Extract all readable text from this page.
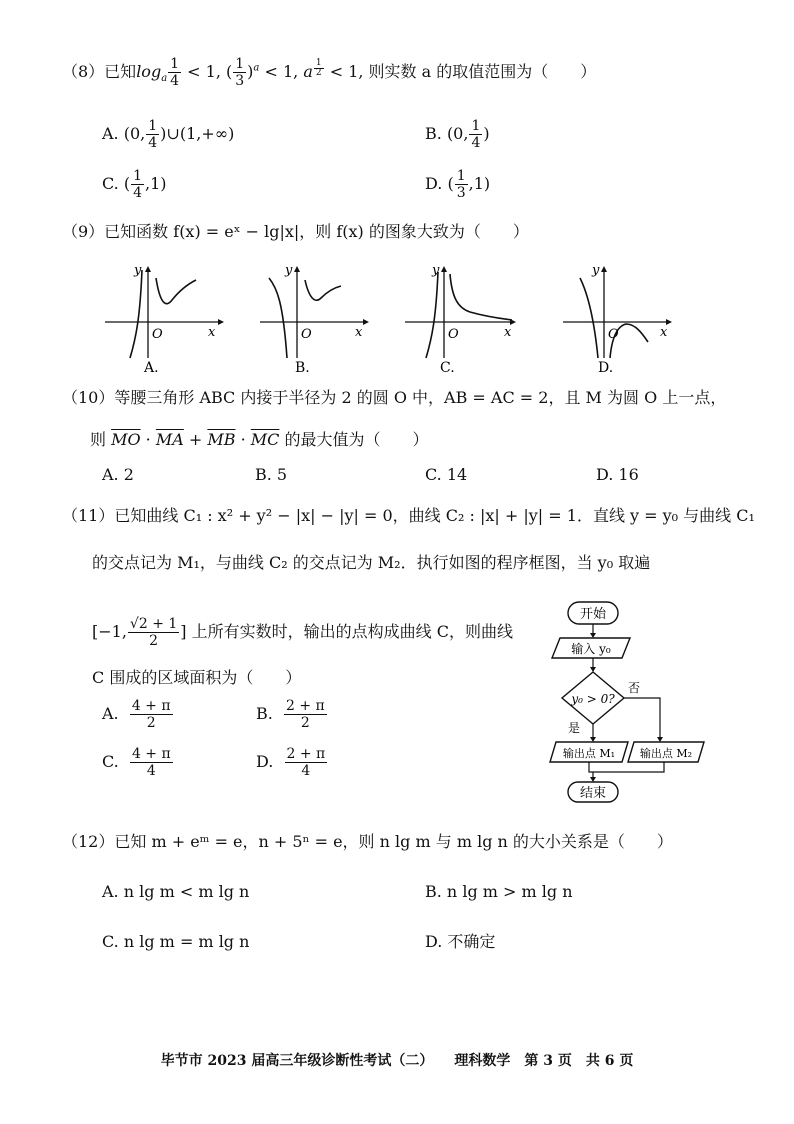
（8）已知$\log_a \frac{1}{4} < 1$, ( $\frac{1}{3} )^a < 1$, a $^{\frac{1}{2}}$ < 1, 则实数 a 的取值范围为（　　）
A. (0, $\frac{1}{4}$ )∪(1,+∞)	B. (0, $\frac{1}{4}$ )
C. ( $\frac{1}{4} ,1$)	D. ( $\frac{1}{3} ,1$)
（9）已知函数 f(x) = eˣ − lg|x|，则 f(x) 的图象大致为（　　）
y
x
O
A.
y
x
O
B.
y
x
O
C.
y
x
O
D.
（10）等腰三角形 ABC 内接于半径为 2 的圆 O 中，AB = AC = 2，且 M 为圆 O 上一点，
则 $\overline{MO} \cdot \overline{MA} + \overline{MB} \cdot \overline{MC}$ 的最大值为（　　）
A. 2	B. 5	C. 14	D. 16
（11）已知曲线 C₁ : x² + y² − |x| − |y| = 0，曲线 C₂ : |x| + |y| = 1．直线 y = y₀ 与曲线 C₁
的交点记为 M₁，与曲线 C₂ 的交点记为 M₂．执行如图的程序框图，当 y₀ 取遍
[−1, $\frac{√2 + 1}{2}$ ] 上所有实数时，输出的点构成曲线 C，则曲线
C 围成的区域面积为（　　）
A. $\frac{4 + \pi}{2}$	B. $\frac{2 + \pi}{2}$
C. $\frac{4 + \pi}{4}$	D. $\frac{2 + \pi}{4}$
开始
输入 y₀
y₀ > 0?
否
是
输出点 M₁ 输出点 M₂
结束
（12）已知 m + eᵐ = e，n + 5ⁿ = e，则 n lg m 与 m lg n 的大小关系是（　　）
A. n lg m < m lg n	B. n lg m > m lg n
C. n lg m = m lg n	D. 不确定
毕节市 2023 届高三年级诊断性考试（二）　　理科数学　第 3 页　共 6 页
